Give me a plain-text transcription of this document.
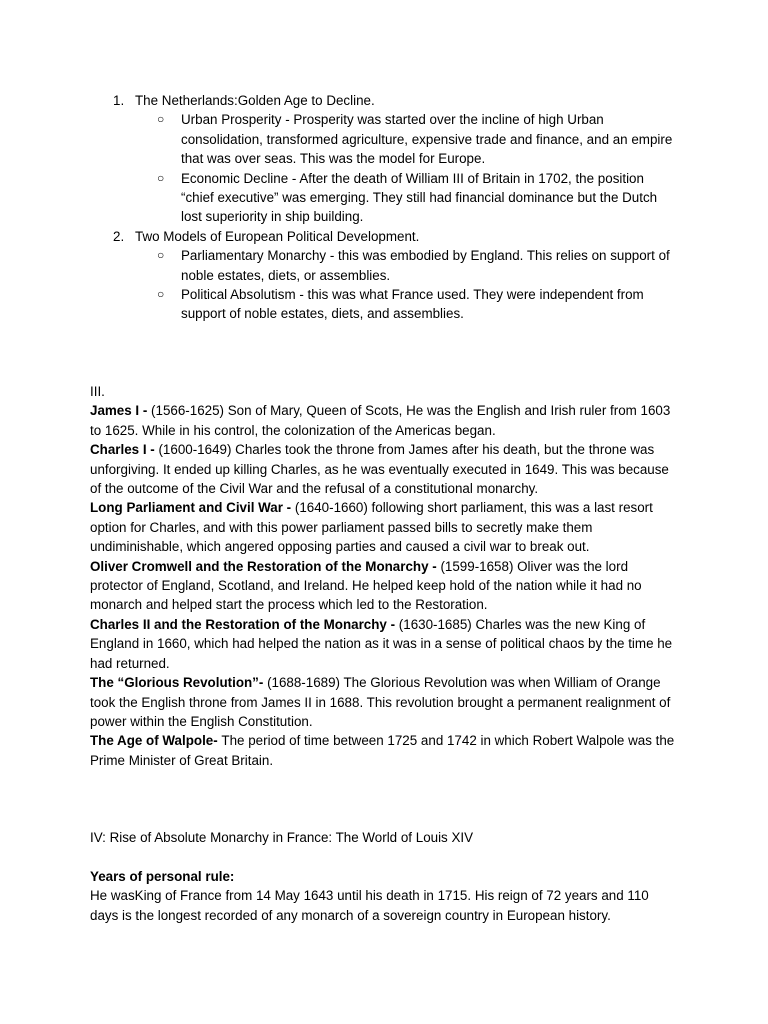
1. The Netherlands:Golden Age to Decline.
○ Urban Prosperity - Prosperity was started over the incline of high Urban consolidation, transformed agriculture, expensive trade and finance, and an empire that was over seas. This was the model for Europe.
○ Economic Decline - After the death of William III of Britain in 1702, the position “chief executive” was emerging. They still had financial dominance but the Dutch lost superiority in ship building.
2. Two Models of European Political Development.
○ Parliamentary Monarchy - this was embodied by England. This relies on support of noble estates, diets, or assemblies.
○ Political Absolutism - this was what France used. They were independent from support of noble estates, diets, and assemblies.

III.

James I - (1566-1625) Son of Mary, Queen of Scots, He was the English and Irish ruler from 1603 to 1625. While in his control, the colonization of the Americas began.

Charles I - (1600-1649) Charles took the throne from James after his death, but the throne was unforgiving. It ended up killing Charles, as he was eventually executed in 1649. This was because of the outcome of the Civil War and the refusal of a constitutional monarchy.

Long Parliament and Civil War - (1640-1660) following short parliament, this was a last resort option for Charles, and with this power parliament passed bills to secretly make them undiminishable, which angered opposing parties and caused a civil war to break out.

Oliver Cromwell and the Restoration of the Monarchy - (1599-1658) Oliver was the lord protector of England, Scotland, and Ireland. He helped keep hold of the nation while it had no monarch and helped start the process which led to the Restoration.

Charles II and the Restoration of the Monarchy - (1630-1685) Charles was the new King of England in 1660, which had helped the nation as it was in a sense of political chaos by the time he had returned.

The “Glorious Revolution”- (1688-1689) The Glorious Revolution was when William of Orange took the English throne from James II in 1688. This revolution brought a permanent realignment of power within the English Constitution.

The Age of Walpole- The period of time between 1725 and 1742 in which Robert Walpole was the Prime Minister of Great Britain.

IV: Rise of Absolute Monarchy in France: The World of Louis XIV

Years of personal rule:

He wasKing of France from 14 May 1643 until his death in 1715. His reign of 72 years and 110 days is the longest recorded of any monarch of a sovereign country in European history.
